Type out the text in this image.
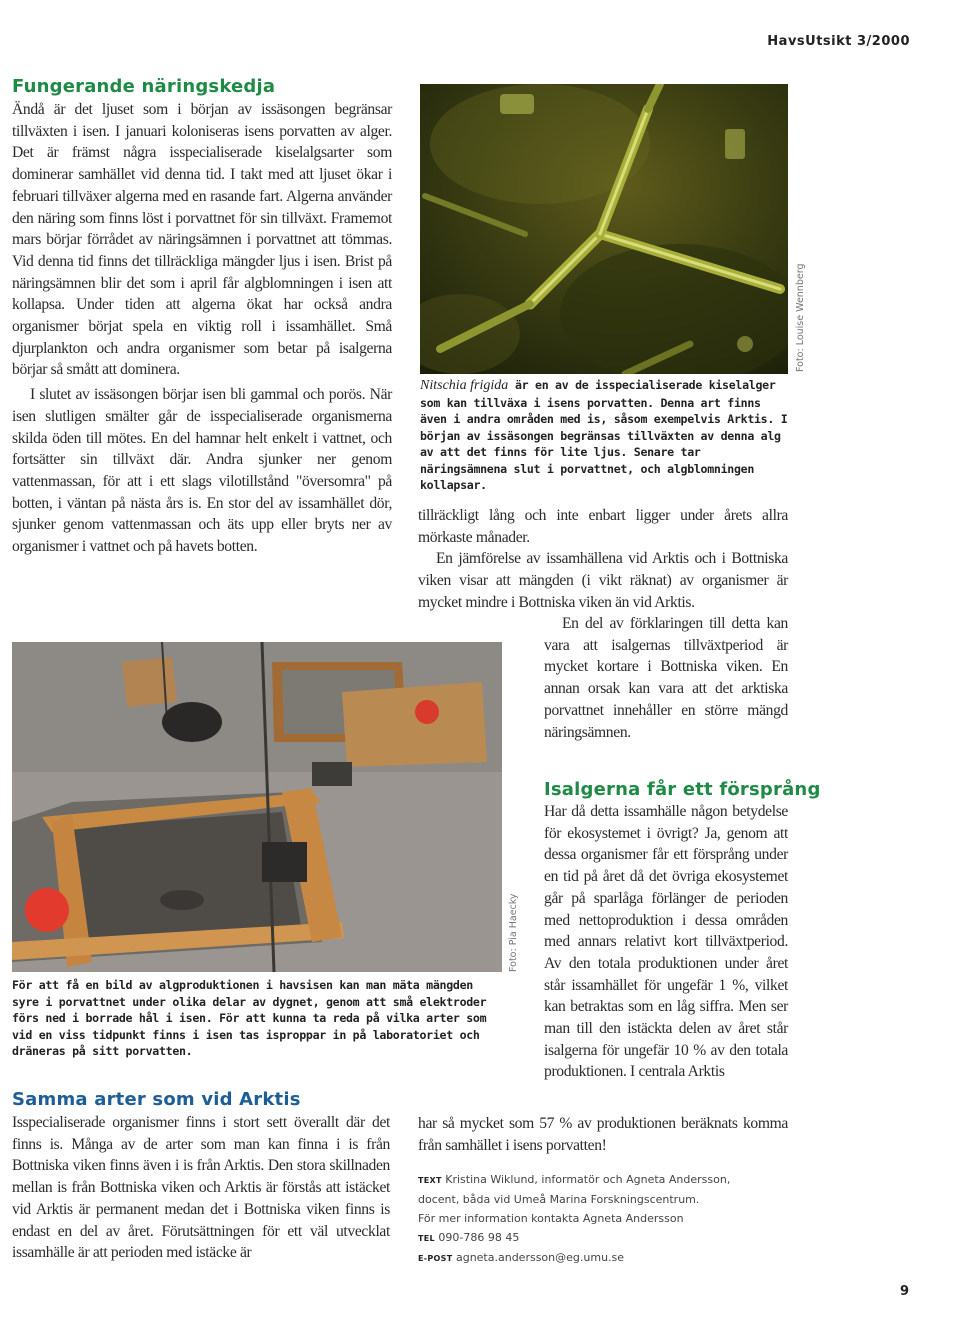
HavsUtsikt 3/2000
Fungerande näringskedja

Ändå är det ljuset som i början av issäsongen begränsar tillväxten i isen. I januari koloniseras isens porvatten av alger. Det är främst några isspecialiserade kiselalgsarter som dominerar samhället vid denna tid. I takt med att ljuset ökar i februari tillväxer algerna med en rasande fart. Algerna använder den näring som finns löst i porvattnet för sin tillväxt. Framemot mars börjar förrådet av näringsämnen i porvattnet att tömmas. Vid denna tid finns det tillräckliga mängder ljus i isen. Brist på näringsämnen blir det som i april får algblomningen i isen att kollapsa. Under tiden att algerna ökat har också andra organismer börjat spela en viktig roll i issamhället. Små djurplankton och andra organismer som betar på isalgerna börjar så smått att dominera.

I slutet av issäsongen börjar isen bli gammal och porös. När isen slutligen smälter går de isspecialiserade organismerna skilda öden till mötes. En del hamnar helt enkelt i vattnet, och fortsätter sin tillväxt där. Andra sjunker ner genom vattenmassan, för att i ett slags vilotillstånd "översomra" på botten, i väntan på nästa års is. En stor del av issamhället dör, sjunker genom vattenmassan och äts upp eller bryts ner av organismer i vattnet och på havets botten.

Foto: Louise Wennberg
Nitschia frigida är en av de isspecialiserade kiselalger som kan tillväxa i isens porvatten. Denna art finns även i andra områden med is, såsom exempelvis Arktis. I början av issäsongen begränsas tillväxten av denna alg av att det finns för lite ljus. Senare tar näringsämnena slut i porvattnet, och algblomningen kollapsar.

tillräckligt lång och inte enbart ligger under årets allra mörkaste månader.

En jämförelse av issamhällena vid Arktis och i Bottniska viken visar att mängden (i vikt räknat) av organismer är mycket mindre i Bottniska viken än vid Arktis.

En del av förklaringen till detta kan vara att isalgernas tillväxtperiod är mycket kortare i Bottniska viken. En annan orsak kan vara att det arktiska porvattnet innehåller en större mängd näringsämnen.

Foto: Pia Haecky
För att få en bild av algproduktionen i havsisen kan man mäta mängden syre i porvattnet under olika delar av dygnet, genom att små elektroder förs ned i borrade hål i isen. För att kunna ta reda på vilka arter som vid en viss tidpunkt finns i isen tas isproppar in på laboratoriet och dräneras på sitt porvatten.
Isalgerna får ett försprång
Har då detta issamhälle någon betydelse för ekosystemet i övrigt? Ja, genom att dessa organismer får ett försprång under en tid på året då det övriga ekosystemet går på sparlåga förlänger de perioden med nettoproduktion i dessa områden med annars relativt kort tillväxtperiod. Av den totala produktionen under året står issamhället för ungefär 1 %, vilket kan betraktas som en låg siffra. Men ser man till den istäckta delen av året står isalgerna för ungefär 10 % av den totala produktionen. I centrala Arktis
har så mycket som 57 % av produktionen beräknats komma från samhället i isens porvatten!
Samma arter som vid Arktis
Isspecialiserade organismer finns i stort sett överallt där det finns is. Många av de arter som man kan finna i is från Bottniska viken finns även i is från Arktis. Den stora skillnaden mellan is från Bottniska viken och Arktis är förstås att istäcket vid Arktis är permanent medan det i Bottniska viken finns is endast en del av året. Förutsättningen för ett väl utvecklat issamhälle är att perioden med istäcke är
TEXT Kristina Wiklund, informatör och Agneta Andersson,
docent, båda vid Umeå Marina Forskningscentrum.
För mer information kontakta Agneta Andersson
TEL 090-786 98 45
E-POST agneta.andersson@eg.umu.se
9
